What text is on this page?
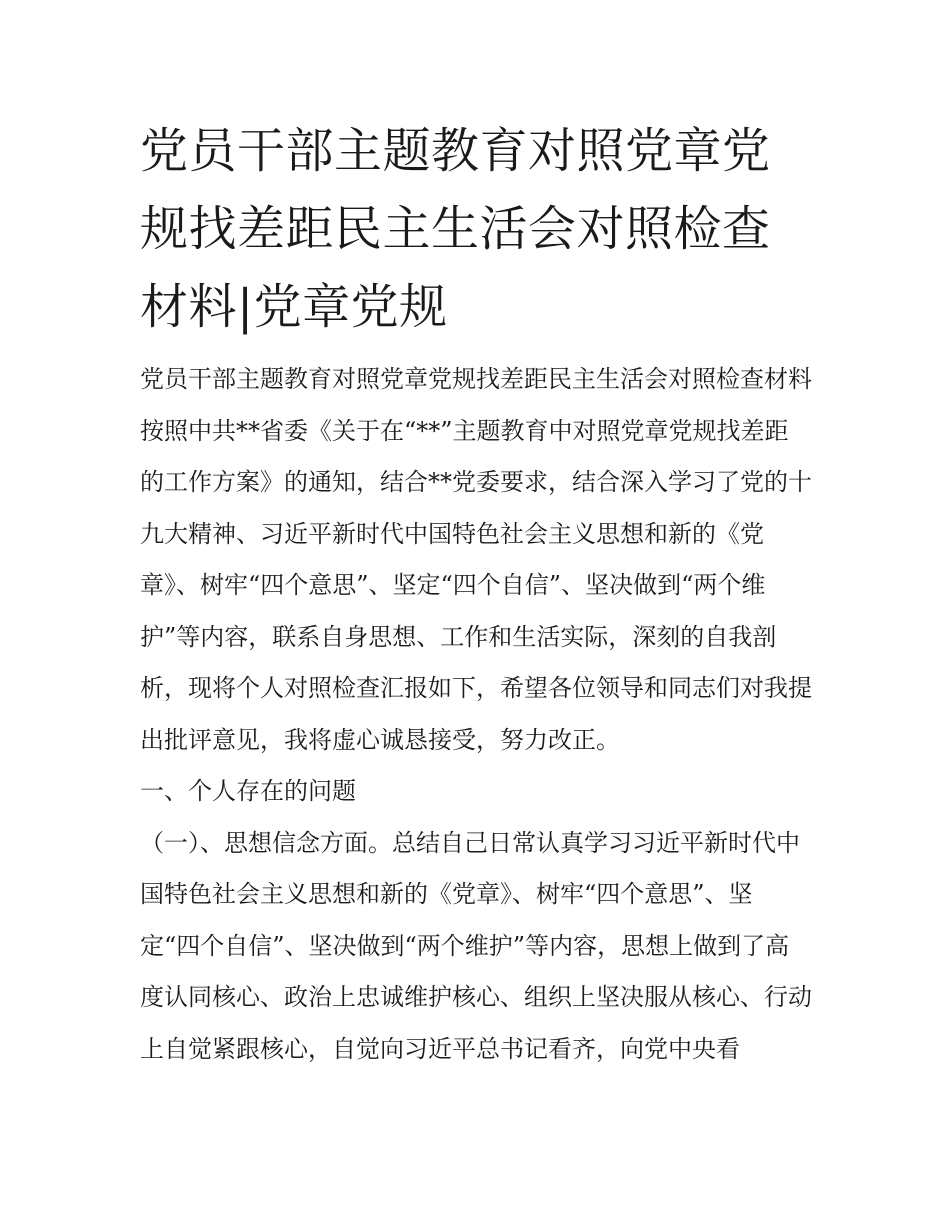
党员干部主题教育对照党章党规找差距民主生活会对照检查材料|党章党规

党员干部主题教育对照党章党规找差距民主生活会对照检查材料

按照中共**省委《关于在“**”主题教育中对照党章党规找差距的工作方案》的通知，结合**党委要求，结合深入学习了党的十九大精神、习近平新时代中国特色社会主义思想和新的《党章》、树牢“四个意思”、坚定“四个自信”、坚决做到“两个维护”等内容，联系自身思想、工作和生活实际，深刻的自我剖析，现将个人对照检查汇报如下，希望各位领导和同志们对我提出批评意见，我将虚心诚恳接受，努力改正。

一、个人存在的问题

（一）、思想信念方面。总结自己日常认真学习习近平新时代中国特色社会主义思想和新的《党章》、树牢“四个意思”、坚定“四个自信”、坚决做到“两个维护”等内容，思想上做到了高度认同核心、政治上忠诚维护核心、组织上坚决服从核心、行动上自觉紧跟核心，自觉向习近平总书记看齐，向党中央看
